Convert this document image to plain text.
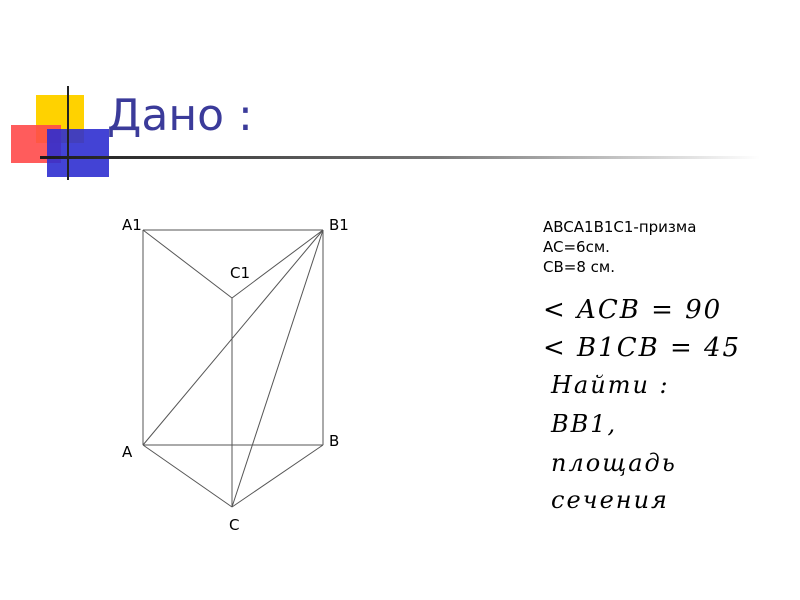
Дано :
A1	B1
C1
A
B
C
ABCA1B1C1-призма
AC=6см.
CB=8 см.
< ACB = 90
< B1CB = 45
Найти :
BB1,
площадь
сечения
